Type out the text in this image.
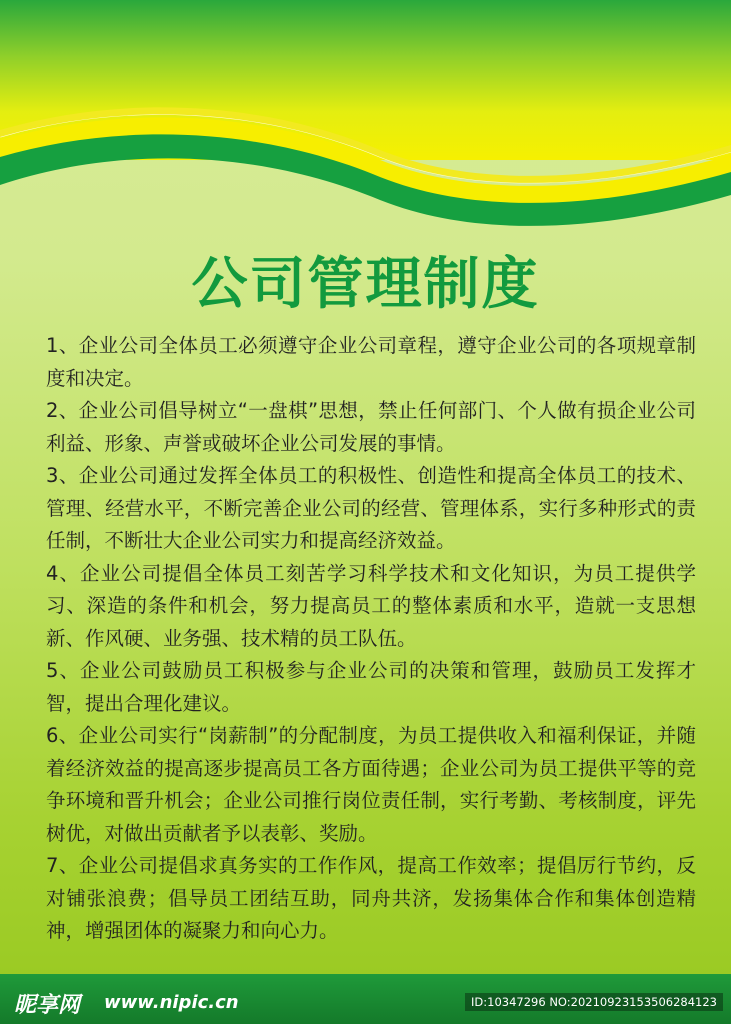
公司管理制度

1、企业公司全体员工必须遵守企业公司章程，遵守企业公司的各项规章制度和决定。

2、企业公司倡导树立“一盘棋”思想，禁止任何部门、个人做有损企业公司利益、形象、声誉或破坏企业公司发展的事情。

3、企业公司通过发挥全体员工的积极性、创造性和提高全体员工的技术、管理、经营水平，不断完善企业公司的经营、管理体系，实行多种形式的责任制，不断壮大企业公司实力和提高经济效益。

4、企业公司提倡全体员工刻苦学习科学技术和文化知识，为员工提供学习、深造的条件和机会，努力提高员工的整体素质和水平，造就一支思想新、作风硬、业务强、技术精的员工队伍。

5、企业公司鼓励员工积极参与企业公司的决策和管理，鼓励员工发挥才智，提出合理化建议。

6、企业公司实行“岗薪制”的分配制度，为员工提供收入和福利保证，并随着经济效益的提高逐步提高员工各方面待遇；企业公司为员工提供平等的竞争环境和晋升机会；企业公司推行岗位责任制，实行考勤、考核制度，评先树优，对做出贡献者予以表彰、奖励。

7、企业公司提倡求真务实的工作作风，提高工作效率；提倡厉行节约，反对铺张浪费；倡导员工团结互助，同舟共济，发扬集体合作和集体创造精神，增强团体的凝聚力和向心力。

昵享网 www.nipic.cn	ID:10347296 NO:20210923153506284123
